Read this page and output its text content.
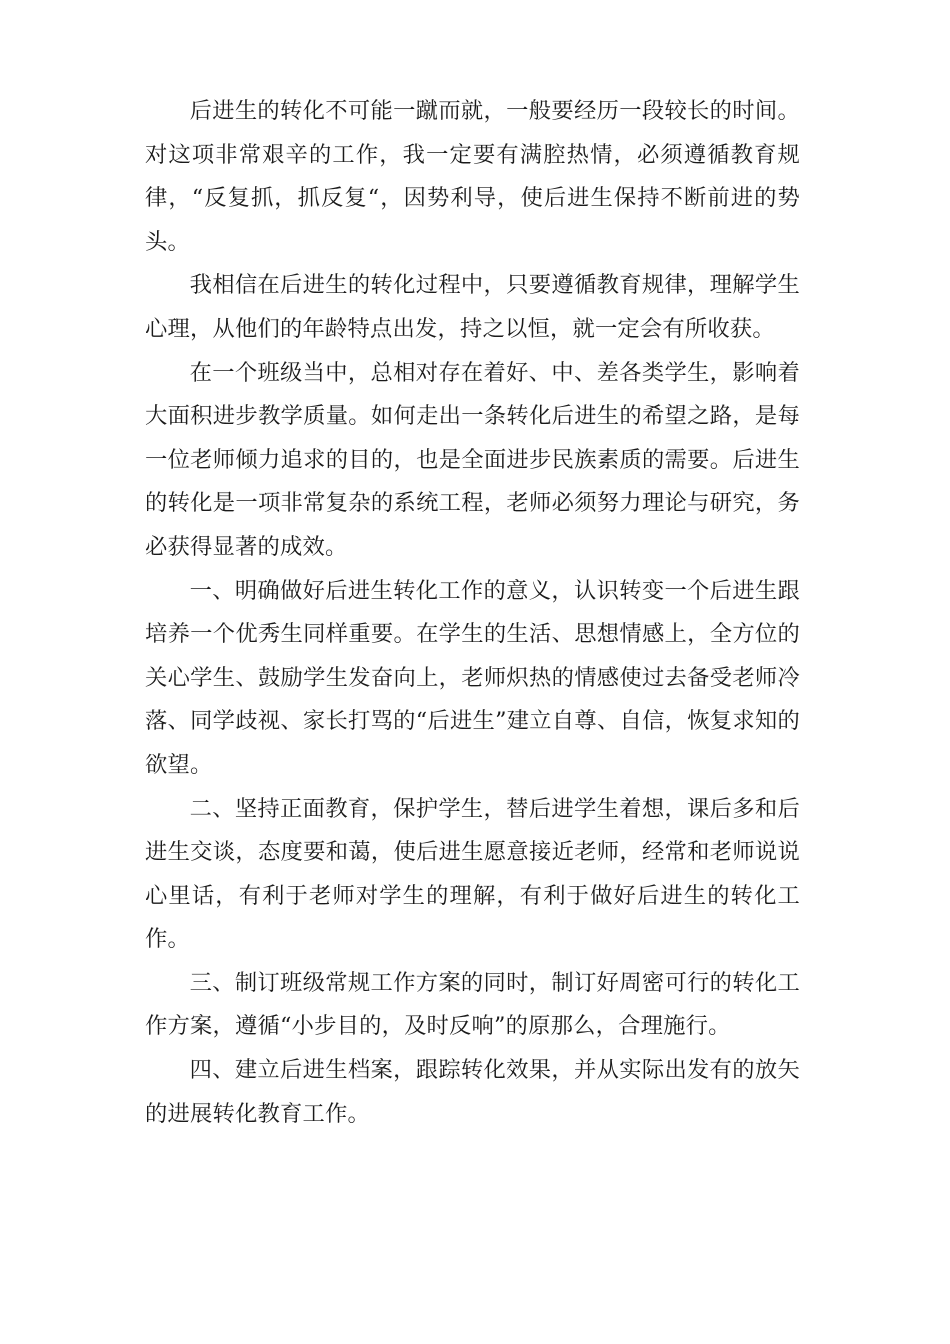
后进生的转化不可能一蹴而就，一般要经历一段较长的时间。对这项非常艰辛的工作，我一定要有满腔热情，必须遵循教育规律，“反复抓，抓反复“，因势利导，使后进生保持不断前进的势头。

我相信在后进生的转化过程中，只要遵循教育规律，理解学生心理，从他们的年龄特点出发，持之以恒，就一定会有所收获。

在一个班级当中，总相对存在着好、中、差各类学生，影响着大面积进步教学质量。如何走出一条转化后进生的希望之路，是每一位老师倾力追求的目的，也是全面进步民族素质的需要。后进生的转化是一项非常复杂的系统工程，老师必须努力理论与研究，务必获得显著的成效。

一、明确做好后进生转化工作的意义，认识转变一个后进生跟培养一个优秀生同样重要。在学生的生活、思想情感上，全方位的关心学生、鼓励学生发奋向上，老师炽热的情感使过去备受老师冷落、同学歧视、家长打骂的“后进生”建立自尊、自信，恢复求知的欲望。

二、坚持正面教育，保护学生，替后进学生着想，课后多和后进生交谈，态度要和蔼，使后进生愿意接近老师，经常和老师说说心里话，有利于老师对学生的理解，有利于做好后进生的转化工作。

三、制订班级常规工作方案的同时，制订好周密可行的转化工作方案，遵循“小步目的，及时反响”的原那么，合理施行。

四、建立后进生档案，跟踪转化效果，并从实际出发有的放矢的进展转化教育工作。
